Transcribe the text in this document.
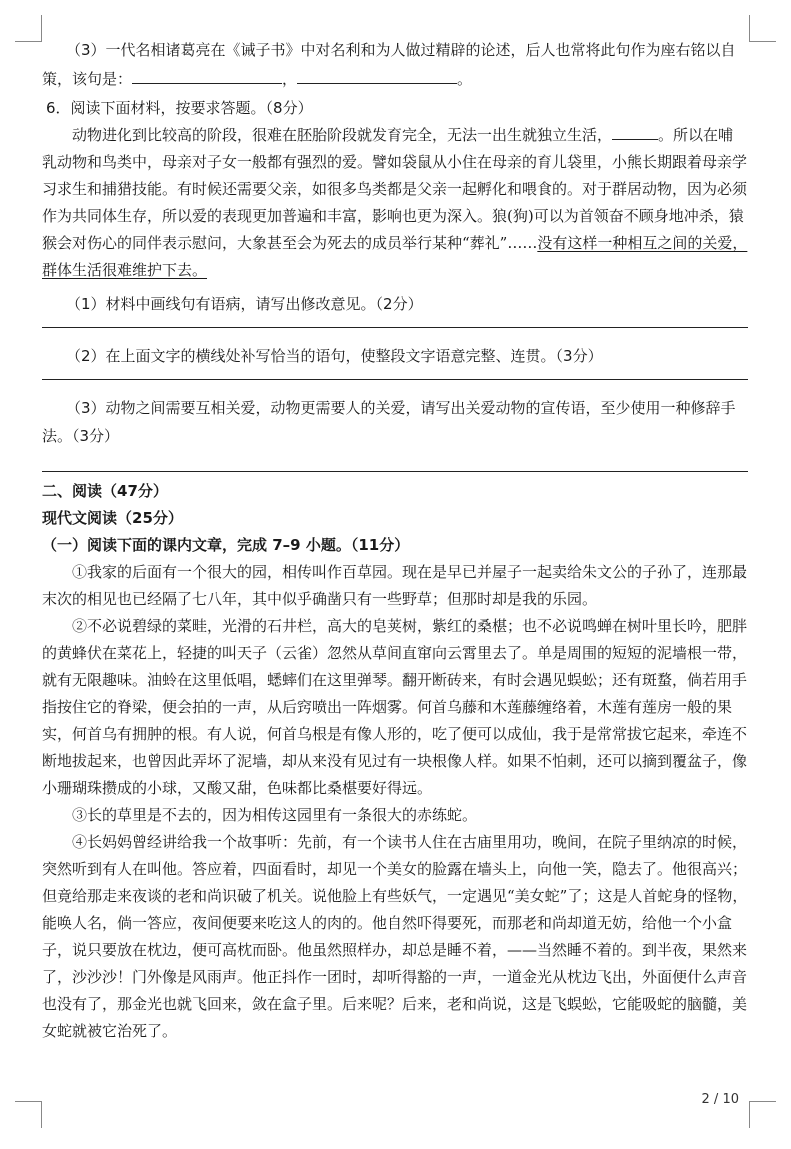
（3）一代名相诸葛亮在《诫子书》中对名利和为人做过精辟的论述，后人也常将此句作为座右铭以自策，该句是：	，	。

6．阅读下面材料，按要求答题。（8分）

动物进化到比较高的阶段，很难在胚胎阶段就发育完全，无法一出生就独立生活，	。所以在哺乳动物和鸟类中，母亲对子女一般都有强烈的爱。譬如袋鼠从小住在母亲的育儿袋里，小熊长期跟着母亲学习求生和捕猎技能。有时候还需要父亲，如很多鸟类都是父亲一起孵化和喂食的。对于群居动物，因为必须作为共同体生存，所以爱的表现更加普遍和丰富，影响也更为深入。狼(狗)可以为首领奋不顾身地冲杀，猿猴会对伤心的同伴表示慰问，大象甚至会为死去的成员举行某种“葬礼”……没有这样一种相互之间的关爱，群体生活很难维护下去。

（1）材料中画线句有语病，请写出修改意见。（2分）

（2）在上面文字的横线处补写恰当的语句，使整段文字语意完整、连贯。（3分）

（3）动物之间需要互相关爱，动物更需要人的关爱，请写出关爱动物的宣传语，至少使用一种修辞手法。（3分）

二、阅读（47分）

现代文阅读（25分）

（一）阅读下面的课内文章，完成 7–9 小题。（11分）

①我家的后面有一个很大的园，相传叫作百草园。现在是早已并屋子一起卖给朱文公的子孙了，连那最末次的相见也已经隔了七八年，其中似乎确凿只有一些野草；但那时却是我的乐园。

②不必说碧绿的菜畦，光滑的石井栏，高大的皂荚树，紫红的桑椹；也不必说鸣蝉在树叶里长吟，肥胖的黄蜂伏在菜花上，轻捷的叫天子（云雀）忽然从草间直窜向云霄里去了。单是周围的短短的泥墙根一带，就有无限趣味。油蛉在这里低唱，蟋蟀们在这里弹琴。翻开断砖来，有时会遇见蜈蚣；还有斑蝥，倘若用手指按住它的脊梁，便会拍的一声，从后窍喷出一阵烟雾。何首乌藤和木莲藤缠络着，木莲有莲房一般的果实，何首乌有拥肿的根。有人说，何首乌根是有像人形的，吃了便可以成仙，我于是常常拔它起来，牵连不断地拔起来，也曾因此弄坏了泥墙，却从来没有见过有一块根像人样。如果不怕刺，还可以摘到覆盆子，像小珊瑚珠攒成的小球，又酸又甜，色味都比桑椹要好得远。

③长的草里是不去的，因为相传这园里有一条很大的赤练蛇。

④长妈妈曾经讲给我一个故事听：先前，有一个读书人住在古庙里用功，晚间，在院子里纳凉的时候，突然听到有人在叫他。答应着，四面看时，却见一个美女的脸露在墙头上，向他一笑，隐去了。他很高兴；但竟给那走来夜谈的老和尚识破了机关。说他脸上有些妖气，一定遇见“美女蛇”了；这是人首蛇身的怪物，能唤人名，倘一答应，夜间便要来吃这人的肉的。他自然吓得要死，而那老和尚却道无妨，给他一个小盒子，说只要放在枕边，便可高枕而卧。他虽然照样办，却总是睡不着，——当然睡不着的。到半夜，果然来了，沙沙沙！门外像是风雨声。他正抖作一团时，却听得豁的一声，一道金光从枕边飞出，外面便什么声音也没有了，那金光也就飞回来，敛在盒子里。后来呢？后来，老和尚说，这是飞蜈蚣，它能吸蛇的脑髓，美女蛇就被它治死了。

2 / 10
